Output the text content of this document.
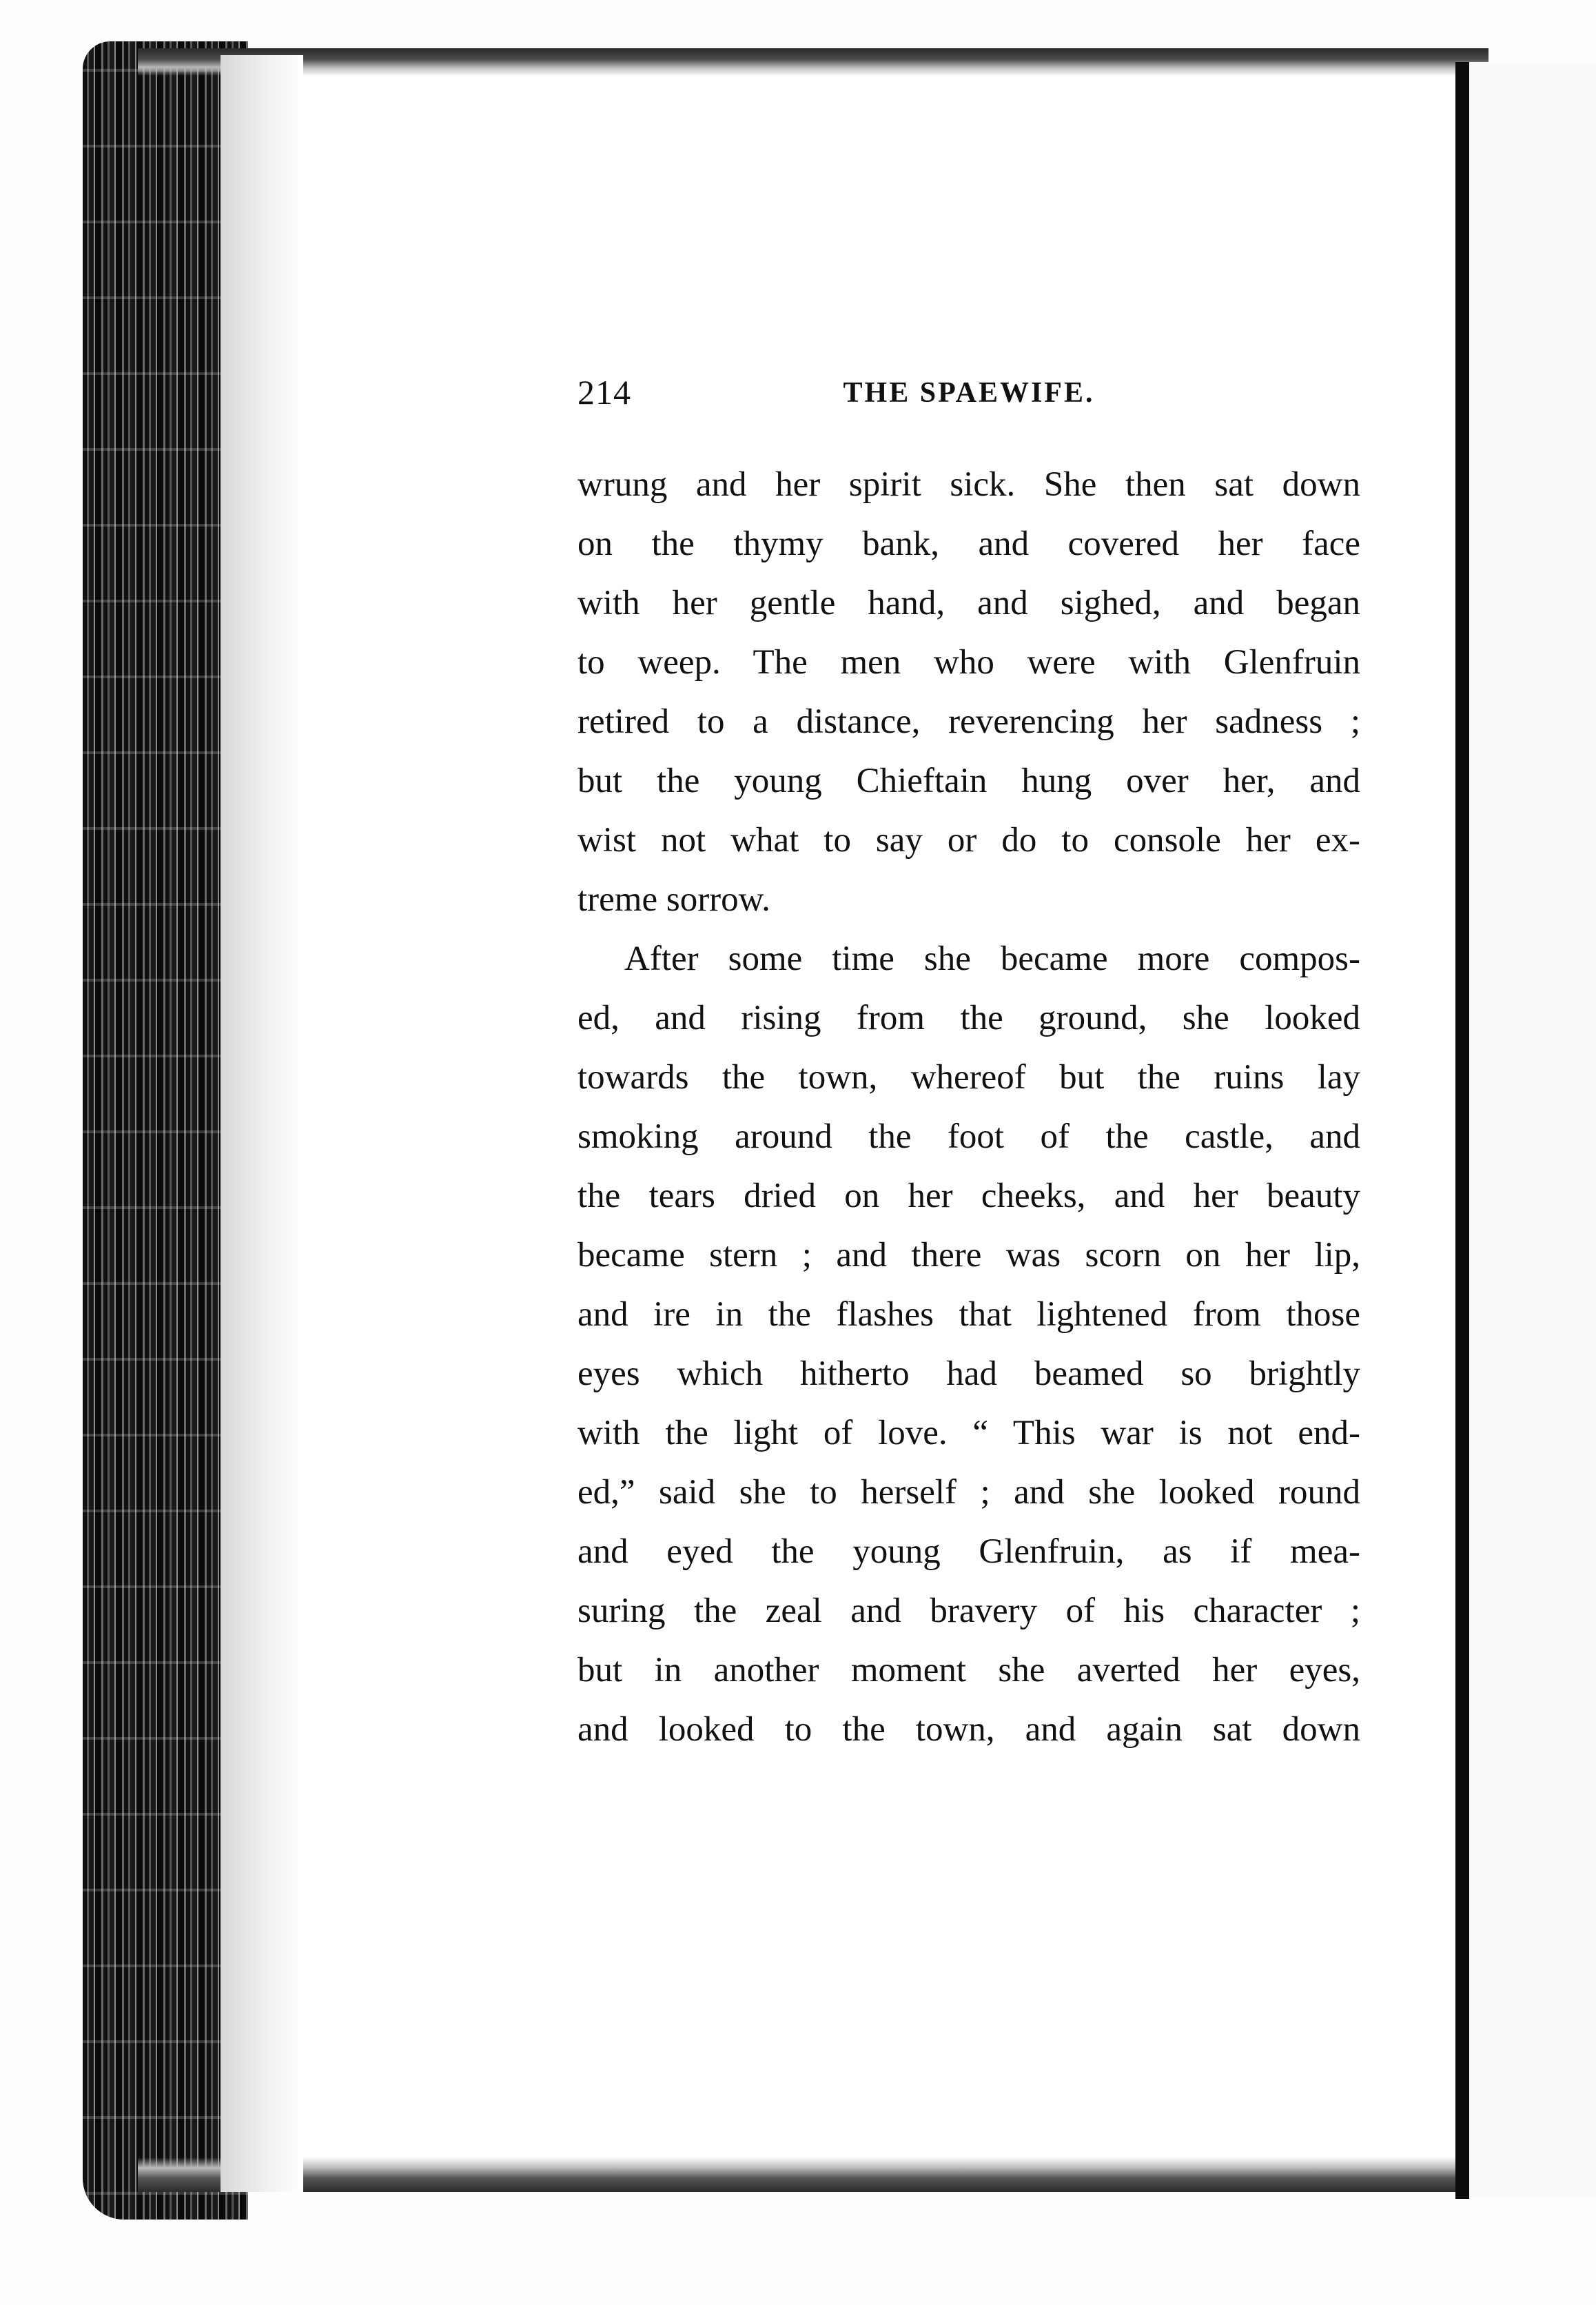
214	THE SPAEWIFE.
wrung and her spirit sick. She then sat down
on the thymy bank, and covered her face
with her gentle hand, and sighed, and began
to weep. The men who were with Glenfruin
retired to a distance, reverencing her sadness ;
but the young Chieftain hung over her, and
wist not what to say or do to console her ex-
treme sorrow.
After some time she became more compos-
ed, and rising from the ground, she looked
towards the town, whereof but the ruins lay
smoking around the foot of the castle, and
the tears dried on her cheeks, and her beauty
became stern ; and there was scorn on her lip,
and ire in the flashes that lightened from those
eyes which hitherto had beamed so brightly
with the light of love. “ This war is not end-
ed,” said she to herself ; and she looked round
and eyed the young Glenfruin, as if mea-
suring the zeal and bravery of his character ;
but in another moment she averted her eyes,
and looked to the town, and again sat down
